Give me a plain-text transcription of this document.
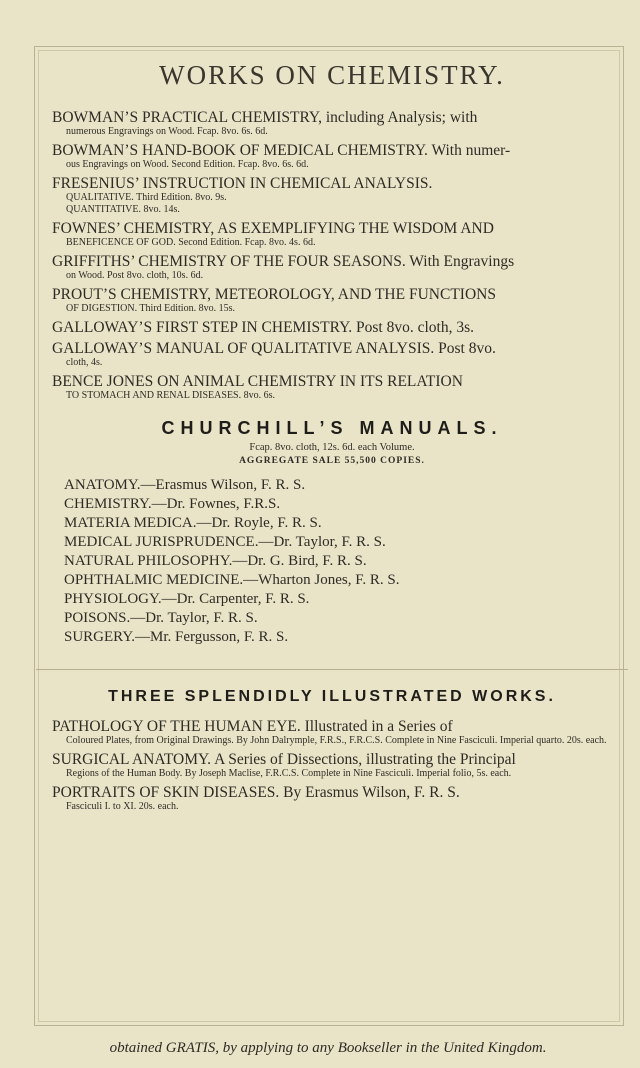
WORKS ON CHEMISTRY.
BOWMAN’S PRACTICAL CHEMISTRY, including Analysis; with
numerous Engravings on Wood. Fcap. 8vo. 6s. 6d.
BOWMAN’S HAND-BOOK OF MEDICAL CHEMISTRY. With numer-
ous Engravings on Wood. Second Edition. Fcap. 8vo. 6s. 6d.
FRESENIUS’ INSTRUCTION IN CHEMICAL ANALYSIS.
QUALITATIVE. Third Edition. 8vo. 9s.
QUANTITATIVE. 8vo. 14s.
FOWNES’ CHEMISTRY, AS EXEMPLIFYING THE WISDOM AND
BENEFICENCE OF GOD. Second Edition. Fcap. 8vo. 4s. 6d.
GRIFFITHS’ CHEMISTRY OF THE FOUR SEASONS. With Engravings
on Wood. Post 8vo. cloth, 10s. 6d.
PROUT’S CHEMISTRY, METEOROLOGY, AND THE FUNCTIONS
OF DIGESTION. Third Edition. 8vo. 15s.
GALLOWAY’S FIRST STEP IN CHEMISTRY. Post 8vo. cloth, 3s.
GALLOWAY’S MANUAL OF QUALITATIVE ANALYSIS. Post 8vo.
cloth, 4s.
BENCE JONES ON ANIMAL CHEMISTRY IN ITS RELATION
TO STOMACH AND RENAL DISEASES. 8vo. 6s.
CHURCHILL’S MANUALS.
Fcap. 8vo. cloth, 12s. 6d. each Volume.
AGGREGATE SALE 55,500 COPIES.
ANATOMY.—Erasmus Wilson, F. R. S.
CHEMISTRY.—Dr. Fownes, F.R.S.
MATERIA MEDICA.—Dr. Royle, F. R. S.
MEDICAL JURISPRUDENCE.—Dr. Taylor, F. R. S.
NATURAL PHILOSOPHY.—Dr. G. Bird, F. R. S.
OPHTHALMIC MEDICINE.—Wharton Jones, F. R. S.
PHYSIOLOGY.—Dr. Carpenter, F. R. S.
POISONS.—Dr. Taylor, F. R. S.
SURGERY.—Mr. Fergusson, F. R. S.
THREE SPLENDIDLY ILLUSTRATED WORKS.
PATHOLOGY OF THE HUMAN EYE. Illustrated in a Series of
Coloured Plates, from Original Drawings. By John Dalrymple, F.R.S., F.R.C.S. Complete in Nine Fasciculi. Imperial quarto. 20s. each.
SURGICAL ANATOMY. A Series of Dissections, illustrating the Principal
Regions of the Human Body. By Joseph Maclise, F.R.C.S. Complete in Nine Fasciculi. Imperial folio, 5s. each.
PORTRAITS OF SKIN DISEASES. By Erasmus Wilson, F. R. S.
Fasciculi I. to XI. 20s. each.
obtained GRATIS, by applying to any Bookseller in the United Kingdom.
